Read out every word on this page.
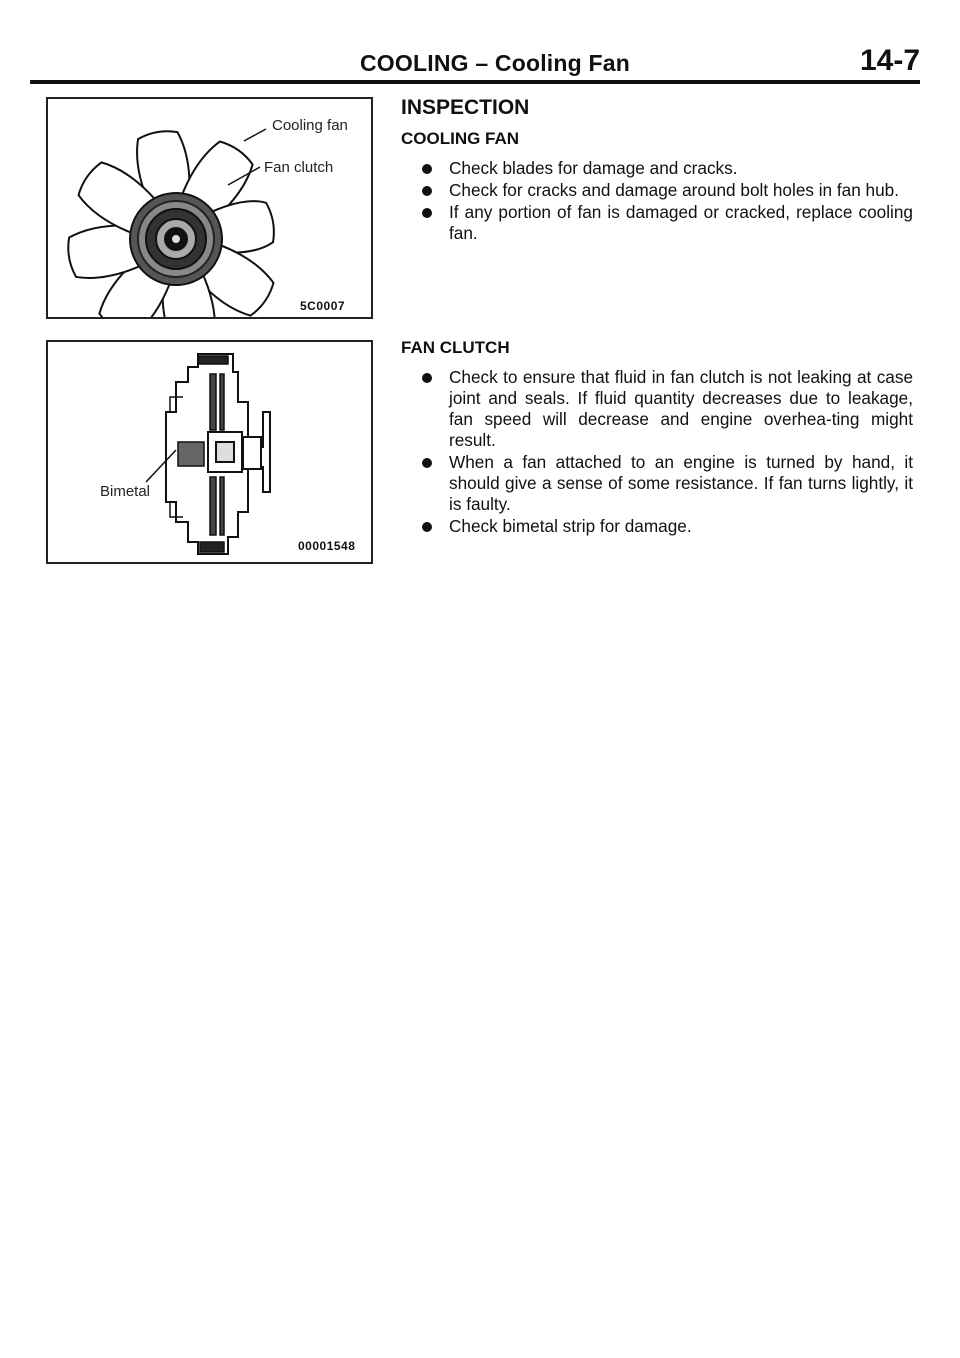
COOLING – Cooling Fan	14-7
Cooling fan
Fan clutch
5C0007
Bimetal
00001548
INSPECTION
COOLING FAN
Check blades for damage and cracks.
Check for cracks and damage around bolt holes in fan hub.
If any portion of fan is damaged or cracked, replace cooling fan.
FAN CLUTCH
Check to ensure that fluid in fan clutch is not leaking at case joint and seals. If fluid quantity decreases due to leakage, fan speed will decrease and engine overhea-ting might result.
When a fan attached to an engine is turned by hand, it should give a sense of some resistance. If fan turns lightly, it is faulty.
Check bimetal strip for damage.
